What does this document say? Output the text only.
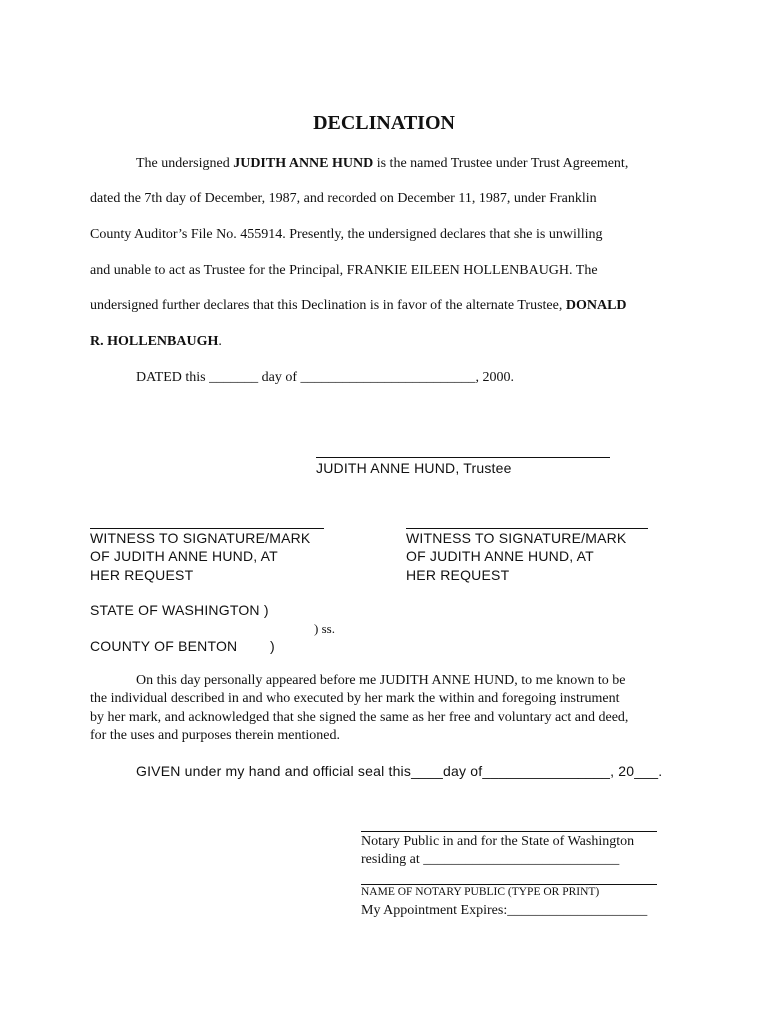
DECLINATION
The undersigned JUDITH ANNE HUND is the named Trustee under Trust Agreement,
dated the 7th day of December, 1987, and recorded on December 11, 1987, under Franklin
County Auditor’s File No. 455914. Presently, the undersigned declares that she is unwilling
and unable to act as Trustee for the Principal, FRANKIE EILEEN HOLLENBAUGH. The
undersigned further declares that this Declination is in favor of the alternate Trustee, DONALD
R. HOLLENBAUGH.
DATED this _______ day of _________________________, 2000.
JUDITH ANNE HUND, Trustee
WITNESS TO SIGNATURE/MARK
OF JUDITH ANNE HUND, AT
HER REQUEST
WITNESS TO SIGNATURE/MARK
OF JUDITH ANNE HUND, AT
HER REQUEST
STATE OF WASHINGTON )
) ss.
COUNTY OF BENTON )
On this day personally appeared before me JUDITH ANNE HUND, to me known to be
the individual described in and who executed by her mark the within and foregoing instrument
by her mark, and acknowledged that she signed the same as her free and voluntary act and deed,
for the uses and purposes therein mentioned.
GIVEN under my hand and official seal this____day of________________, 20___.
Notary Public in and for the State of Washington
residing at ____________________________
NAME OF NOTARY PUBLIC (TYPE OR PRINT)
My Appointment Expires:____________________
